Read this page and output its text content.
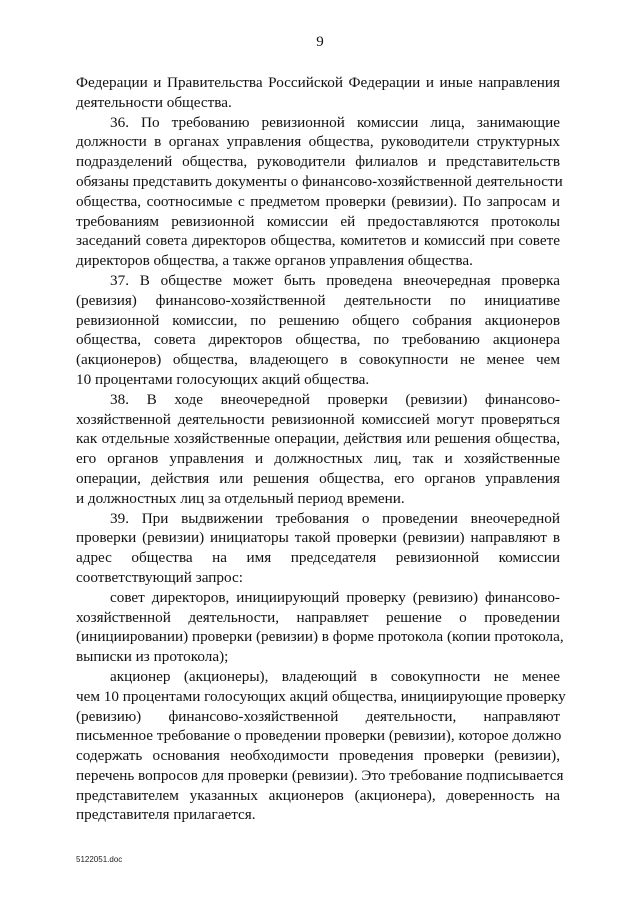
9
Федерации и Правительства Российской Федерации и иные направления
деятельности общества.
36. По требованию ревизионной комиссии лица, занимающие
должности в органах управления общества, руководители структурных
подразделений общества, руководители филиалов и представительств
обязаны представить документы о финансово-хозяйственной деятельности
общества, соотносимые с предметом проверки (ревизии). По запросам и
требованиям ревизионной комиссии ей предоставляются протоколы
заседаний совета директоров общества, комитетов и комиссий при совете
директоров общества, а также органов управления общества.
37. В обществе может быть проведена внеочередная проверка
(ревизия) финансово-хозяйственной деятельности по инициативе
ревизионной комиссии, по решению общего собрания акционеров
общества, совета директоров общества, по требованию акционера
(акционеров) общества, владеющего в совокупности не менее чем
10 процентами голосующих акций общества.
38. В ходе внеочередной проверки (ревизии) финансово-
хозяйственной деятельности ревизионной комиссией могут проверяться
как отдельные хозяйственные операции, действия или решения общества,
его органов управления и должностных лиц, так и хозяйственные
операции, действия или решения общества, его органов управления
и должностных лиц за отдельный период времени.
39. При выдвижении требования о проведении внеочередной
проверки (ревизии) инициаторы такой проверки (ревизии) направляют в
адрес общества на имя председателя ревизионной комиссии
соответствующий запрос:
совет директоров, инициирующий проверку (ревизию) финансово-
хозяйственной деятельности, направляет решение о проведении
(инициировании) проверки (ревизии) в форме протокола (копии протокола,
выписки из протокола);
акционер (акционеры), владеющий в совокупности не менее
чем 10 процентами голосующих акций общества, инициирующие проверку
(ревизию) финансово-хозяйственной деятельности, направляют
письменное требование о проведении проверки (ревизии), которое должно
содержать основания необходимости проведения проверки (ревизии),
перечень вопросов для проверки (ревизии). Это требование подписывается
представителем указанных акционеров (акционера), доверенность на
представителя прилагается.
5122051.doc
